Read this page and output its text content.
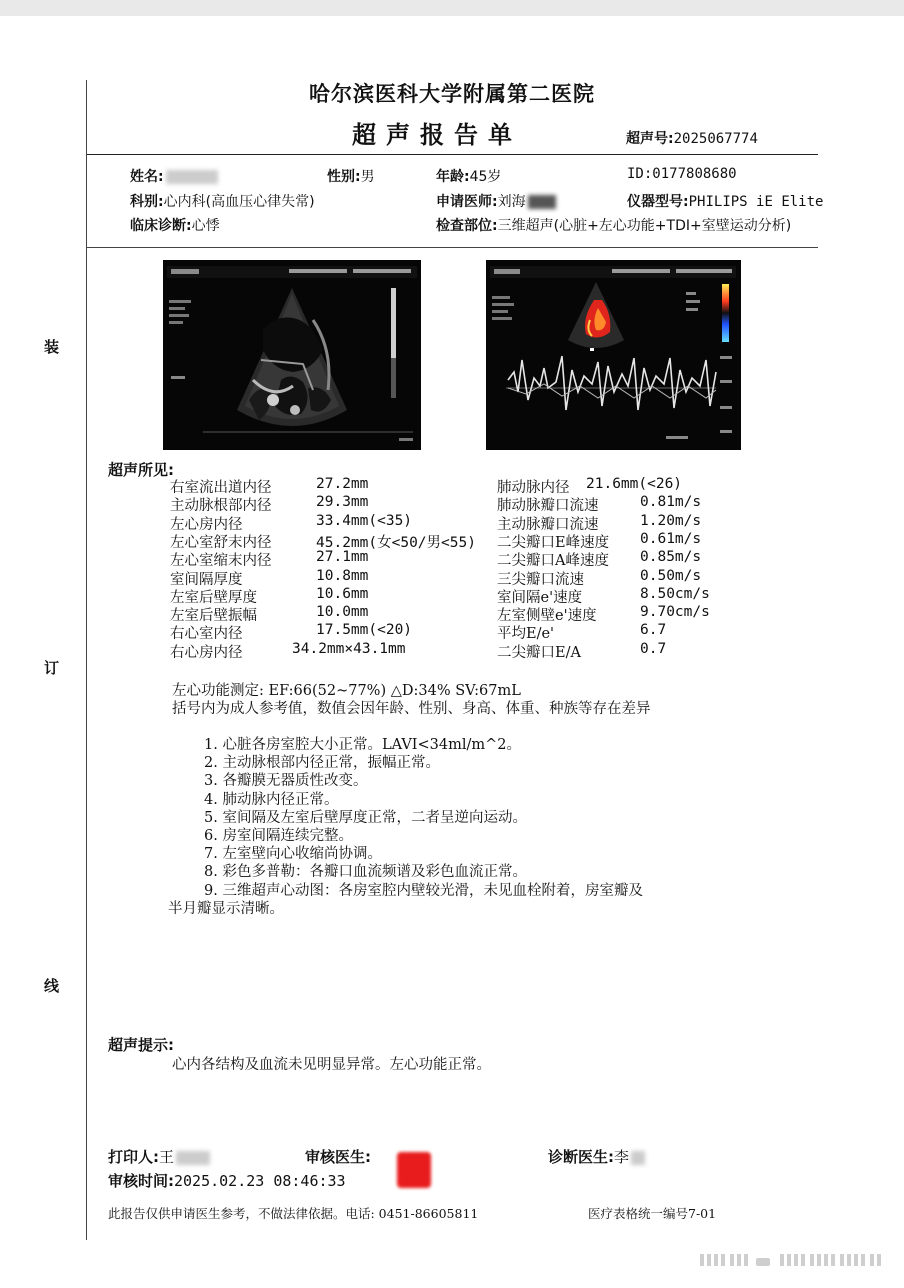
哈尔滨医科大学附属第二医院
超声报告单	超声号:2025067774
姓名:	性别:男	年龄:45岁	ID:0177808680
科别:心内科(高血压心律失常)	申请医师:刘海	仪器型号:PHILIPS iE Elite
临床诊断:心悸	检查部位:三维超声(心脏+左心功能+TDI+室壁运动分析)
装
订
线
超声所见:
右室流出道内径	27.2mm
主动脉根部内径	29.3mm
左心房内径	33.4mm(<35)
左心室舒末内径	45.2mm(女<50/男<55)
左心室缩末内径	27.1mm
室间隔厚度	10.8mm
左室后壁厚度	10.6mm
左室后壁振幅	10.0mm
右心室内径	17.5mm(<20)
右心房内径	34.2mm×43.1mm
肺动脉内径 21.6mm(<26)
肺动脉瓣口流速	0.81m/s
主动脉瓣口流速	1.20m/s
二尖瓣口E峰速度 0.61m/s
二尖瓣口A峰速度 0.85m/s
三尖瓣口流速	0.50m/s
室间隔e'速度	8.50cm/s
左室侧壁e'速度	9.70cm/s
平均E/e'	6.7
二尖瓣口E/A	0.7
左心功能测定: EF:66(52~77%) △D:34% SV:67mL
括号内为成人参考值，数值会因年龄、性别、身高、体重、种族等存在差异
1. 心脏各房室腔大小正常。LAVI<34ml/m^2。
2. 主动脉根部内径正常，振幅正常。
3. 各瓣膜无器质性改变。
4. 肺动脉内径正常。
5. 室间隔及左室后壁厚度正常，二者呈逆向运动。
6. 房室间隔连续完整。
7. 左室壁向心收缩尚协调。
8. 彩色多普勒：各瓣口血流频谱及彩色血流正常。
9. 三维超声心动图：各房室腔内壁较光滑，未见血栓附着，房室瓣及
半月瓣显示清晰。
超声提示:
心内各结构及血流未见明显异常。左心功能正常。
打印人:王	审核医生:	诊断医生:李
审核时间:2025.02.23 08:46:33
此报告仅供申请医生参考，不做法律依据。电话: 0451-86605811	医疗表格统一编号7-01
